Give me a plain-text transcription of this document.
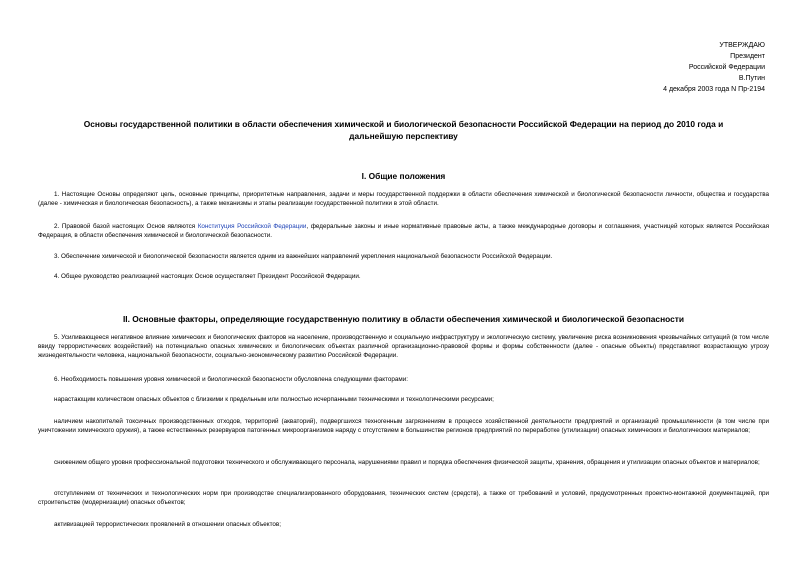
УТВЕРЖДАЮ
Президент
Российской Федерации
В.Путин
4 декабря 2003 года N Пр-2194
Основы государственной политики в области обеспечения химической и биологической безопасности Российской Федерации на период до 2010 года и дальнейшую перспективу
I. Общие положения
1. Настоящие Основы определяют цель, основные принципы, приоритетные направления, задачи и меры государственной поддержки в области обеспечения химической и биологической безопасности личности, общества и государства (далее - химическая и биологическая безопасность), а также механизмы и этапы реализации государственной политики в этой области.
2. Правовой базой настоящих Основ являются Конституция Российской Федерации, федеральные законы и иные нормативные правовые акты, а также международные договоры и соглашения, участницей которых является Российская Федерация, в области обеспечения химической и биологической безопасности.
3. Обеспечение химической и биологической безопасности является одним из важнейших направлений укрепления национальной безопасности Российской Федерации.
4. Общее руководство реализацией настоящих Основ осуществляет Президент Российской Федерации.
II. Основные факторы, определяющие государственную политику в области обеспечения химической и биологической безопасности
5. Усиливающееся негативное влияние химических и биологических факторов на население, производственную и социальную инфраструктуру и экологическую систему, увеличение риска возникновения чрезвычайных ситуаций (в том числе ввиду террористических воздействий) на потенциально опасных химических и биологических объектах различной организационно-правовой формы и формы собственности (далее - опасные объекты) представляют возрастающую угрозу жизнедеятельности человека, национальной безопасности, социально-экономическому развитию Российской Федерации.
6. Необходимость повышения уровня химической и биологической безопасности обусловлена следующими факторами:
нарастающим количеством опасных объектов с близкими к предельным или полностью исчерпанными техническими и технологическими ресурсами;
наличием накопителей токсичных производственных отходов, территорий (акваторий), подвергшихся техногенным загрязнениям в процессе хозяйственной деятельности предприятий и организаций промышленности (в том числе при уничтожении химического оружия), а также естественных резервуаров патогенных микроорганизмов наряду с отсутствием в большинстве регионов предприятий по переработке (утилизации) опасных химических и биологических материалов;
снижением общего уровня профессиональной подготовки технического и обслуживающего персонала, нарушениями правил и порядка обеспечения физической защиты, хранения, обращения и утилизации опасных объектов и материалов;
отступлением от технических и технологических норм при производстве специализированного оборудования, технических систем (средств), а также от требований и условий, предусмотренных проектно-монтажной документацией, при строительстве (модернизации) опасных объектов;
активизацией террористических проявлений в отношении опасных объектов;
